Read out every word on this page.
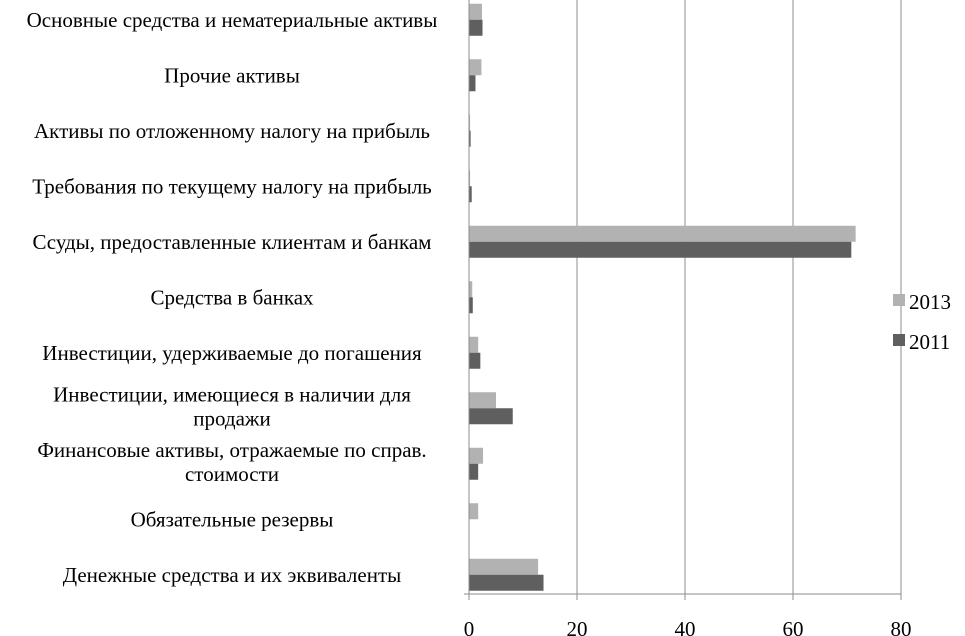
Основные средства и нематериальные активы
Прочие активы
Активы по отложенному налогу на прибыль
Требования по текущему налогу на прибыль
Ссуды, предоставленные клиентам и банкам
Средства в банках
Инвестиции, удерживаемые до погашения
Инвестиции, имеющиеся в наличии для продажи
Финансовые активы, отражаемые по справ. стоимости
Обязательные резервы
Денежные средства и их эквиваленты
0	20	40	60	80
2013
2011
